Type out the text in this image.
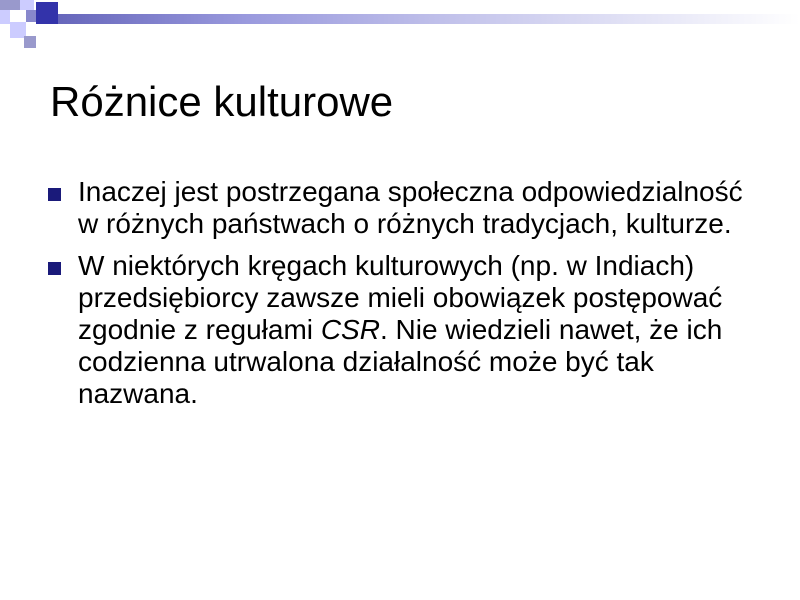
Różnice kulturowe
Inaczej jest postrzegana społeczna odpowiedzialność w różnych państwach o różnych tradycjach, kulturze.
W niektórych kręgach kulturowych (np. w Indiach) przedsiębiorcy zawsze mieli obowiązek postępować zgodnie z regułami CSR. Nie wiedzieli nawet, że ich codzienna utrwalona działalność może być tak nazwana.
